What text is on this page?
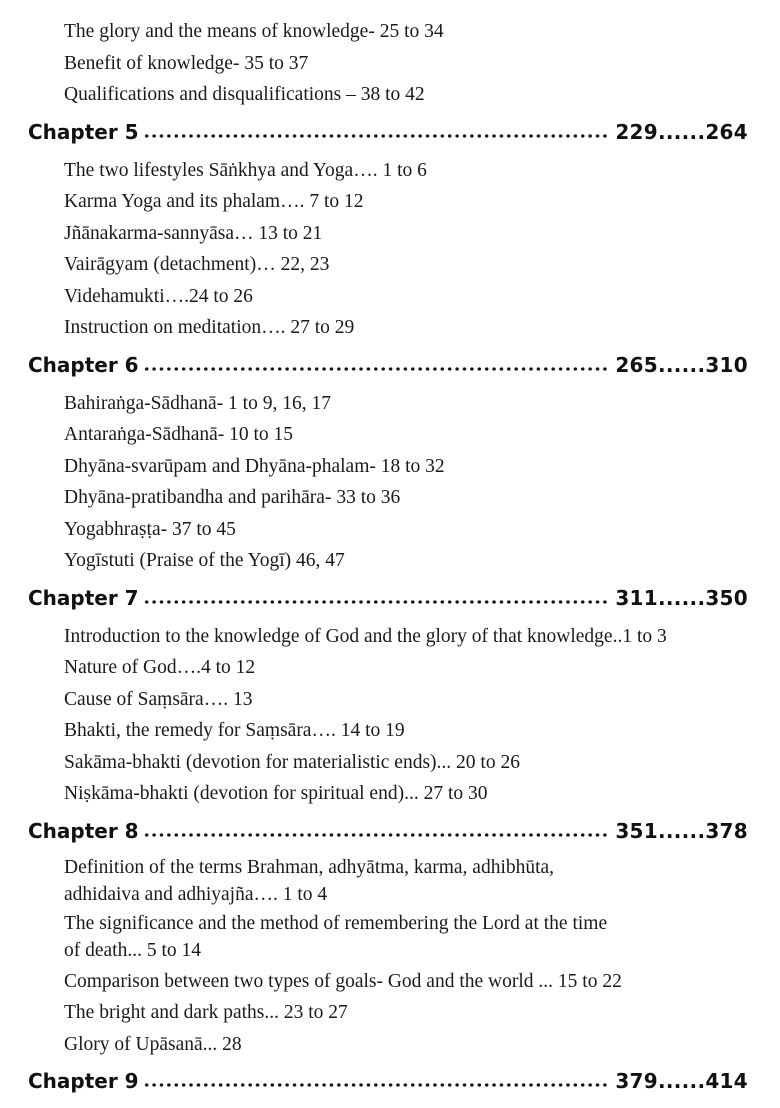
The glory and the means of knowledge- 25 to 34
Benefit of knowledge- 35 to 37
Qualifications and disqualifications – 38 to 42
Chapter 5	229......264
The two lifestyles Sāṅkhya and Yoga…. 1 to 6
Karma Yoga and its phalam…. 7 to 12
Jñānakarma-sannyāsa… 13 to 21
Vairāgyam (detachment)… 22, 23
Videhamukti….24 to 26
Instruction on meditation…. 27 to 29
Chapter 6	265......310
Bahiraṅga-Sādhanā- 1 to 9, 16, 17
Antaraṅga-Sādhanā- 10 to 15
Dhyāna-svarūpam and Dhyāna-phalam- 18 to 32
Dhyāna-pratibandha and parihāra- 33 to 36
Yogabhraṣṭa- 37 to 45
Yogīstuti (Praise of the Yogī) 46, 47
Chapter 7	311......350
Introduction to the knowledge of God and the glory of that knowledge..1 to 3
Nature of God….4 to 12
Cause of Saṃsāra…. 13
Bhakti, the remedy for Saṃsāra…. 14 to 19
Sakāma-bhakti (devotion for materialistic ends)... 20 to 26
Niṣkāma-bhakti (devotion for spiritual end)... 27 to 30
Chapter 8	351......378
Definition of the terms Brahman, adhyātma, karma, adhibhūta, adhidaiva and adhiyajña…. 1 to 4
The significance and the method of remembering the Lord at the time of death... 5 to 14
Comparison between two types of goals- God and the world ... 15 to 22
The bright and dark paths... 23 to 27
Glory of Upāsanā... 28
Chapter 9	379......414
